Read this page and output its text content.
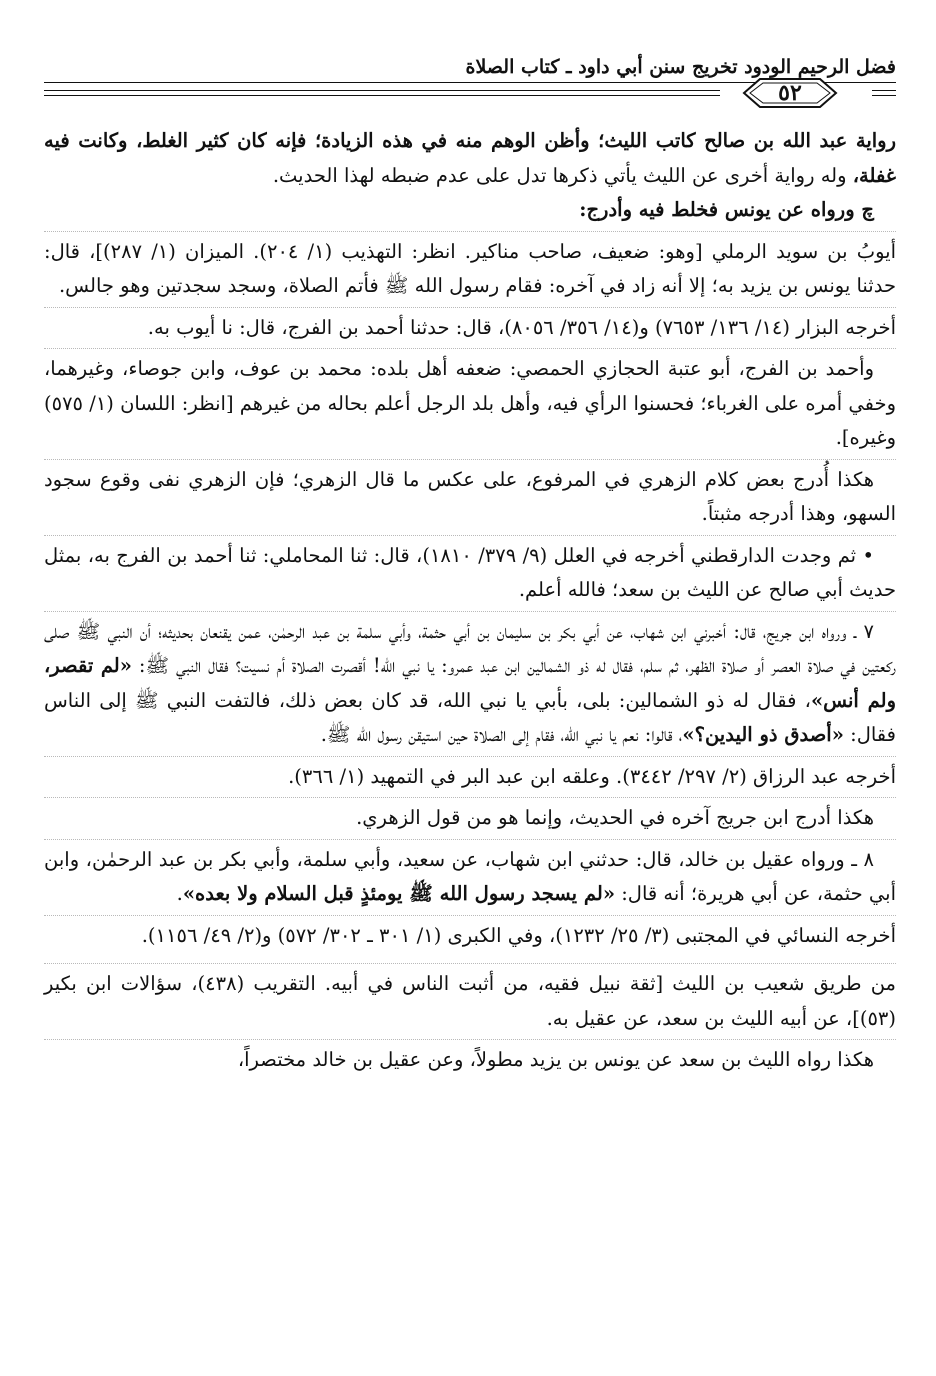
فضل الرحيم الودود تخريج سنن أبي داود ـ كتاب الصلاة
٥٢

رواية عبد الله بن صالح كاتب الليث؛ وأظن الوهم منه في هذه الزيادة؛ فإنه كان كثير الغلط، وكانت فيه غفلة، وله رواية أخرى عن الليث يأتي ذكرها تدل على عدم ضبطه لهذا الحديث.

ﭺ ورواه عن يونس فخلط فيه وأدرج:

أيوبُ بن سويد الرملي [وهو: ضعيف، صاحب مناكير. انظر: التهذيب (١/ ٢٠٤). الميزان (١/ ٢٨٧)]، قال: حدثنا يونس بن يزيد به؛ إلا أنه زاد في آخره: فقام رسول الله ﷺ فأتم الصلاة، وسجد سجدتين وهو جالس.

أخرجه البزار (١٤/ ١٣٦/ ٧٦٥٣) و(١٤/ ٣٥٦/ ٨٠٥٦)، قال: حدثنا أحمد بن الفرج، قال: نا أيوب به.

وأحمد بن الفرج، أبو عتبة الحجازي الحمصي: ضعفه أهل بلده: محمد بن عوف، وابن جوصاء، وغيرهما، وخفي أمره على الغرباء؛ فحسنوا الرأي فيه، وأهل بلد الرجل أعلم بحاله من غيرهم [انظر: اللسان (١/ ٥٧٥) وغيره].

هكذا أُدرج بعض كلام الزهري في المرفوع، على عكس ما قال الزهري؛ فإن الزهري نفى وقوع سجود السهو، وهذا أدرجه مثبتاً.

• ثم وجدت الدارقطني أخرجه في العلل (٩/ ٣٧٩/ ١٨١٠)، قال: ثنا المحاملي: ثنا أحمد بن الفرج به، بمثل حديث أبي صالح عن الليث بن سعد؛ فالله أعلم.

٧ ـ ورواه ابن جريج، قال: أخبرني ابن شهاب، عن أبي بكر بن سليمان بن أبي حثمة، وأبي سلمة بن عبد الرحمٰن، عمن يقنعان بحديثه؛ أن النبي ﷺ صلى ركعتين في صلاة العصر أو صلاة الظهر، ثم سلم، فقال له ذو الشمالين ابن عبد عمرو: يا نبي الله! أقصرت الصلاة أم نسيت؟ فقال النبي ﷺ: «لم تقصر، ولم أنس»، فقال له ذو الشمالين: بلى، بأبي يا نبي الله، قد كان بعض ذلك، فالتفت النبي ﷺ إلى الناس فقال: «أصدق ذو اليدين؟»، قالوا: نعم يا نبي الله، فقام إلى الصلاة حين استيقن رسول الله ﷺ.

أخرجه عبد الرزاق (٢/ ٢٩٧/ ٣٤٤٢). وعلقه ابن عبد البر في التمهيد (١/ ٣٦٦).

هكذا أدرج ابن جريج آخره في الحديث، وإنما هو من قول الزهري.

٨ ـ ورواه عقيل بن خالد، قال: حدثني ابن شهاب، عن سعيد، وأبي سلمة، وأبي بكر بن عبد الرحمٰن، وابن أبي حثمة، عن أبي هريرة؛ أنه قال: «لم يسجد رسول الله ﷺ يومئذٍ قبل السلام ولا بعده».

أخرجه النسائي في المجتبى (٣/ ٢٥/ ١٢٣٢)، وفي الكبرى (١/ ٣٠١ ـ ٣٠٢/ ٥٧٢) و(٢/ ٤٩/ ١١٥٦).

من طريق شعيب بن الليث [ثقة نبيل فقيه، من أثبت الناس في أبيه. التقريب (٤٣٨)، سؤالات ابن بكير (٥٣)]، عن أبيه الليث بن سعد، عن عقيل به.

هكذا رواه الليث بن سعد عن يونس بن يزيد مطولاً، وعن عقيل بن خالد مختصراً،
